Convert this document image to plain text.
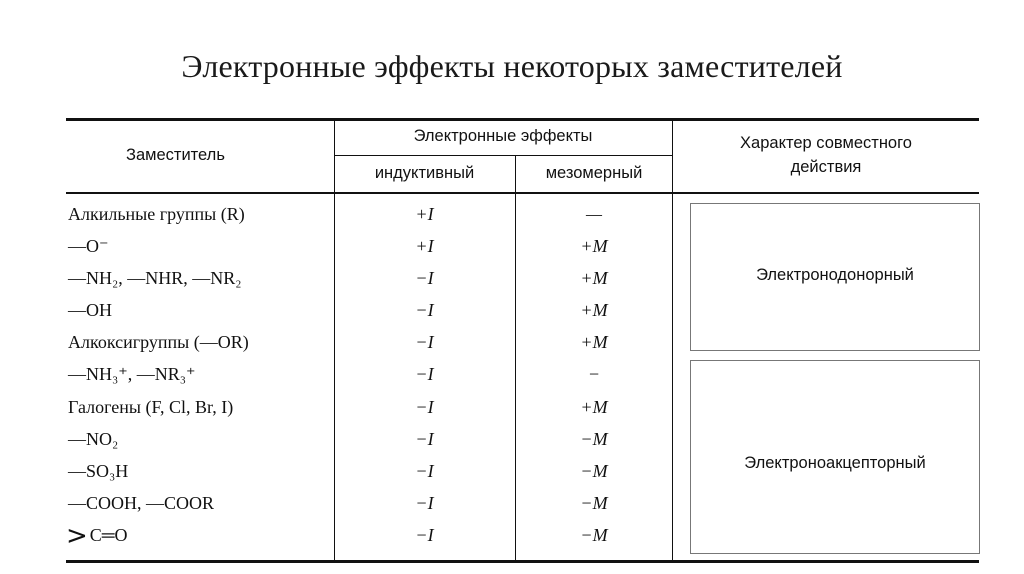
Электронные эффекты некоторых заместителей
Заместитель
Электронные эффекты
индуктивный	мезомерный
Характер совместного
действия
Электронодонорный
Электроноакцепторный
Алкильные группы (R)
—O⁻
—NH₂, —NHR, —NR₂
—OH
Алкоксигруппы (—OR)
—NH₃⁺, —NR₃⁺
Галогены (F, Cl, Br, I)
—NO₂
—SO₃H
—COOH, —COOR
> C═O
+I
+I
−I
−I
−I
−I
−I
−I
−I
−I
−I
—
+M
+M
+M
+M
−
+M
−M
−M
−M
−M
